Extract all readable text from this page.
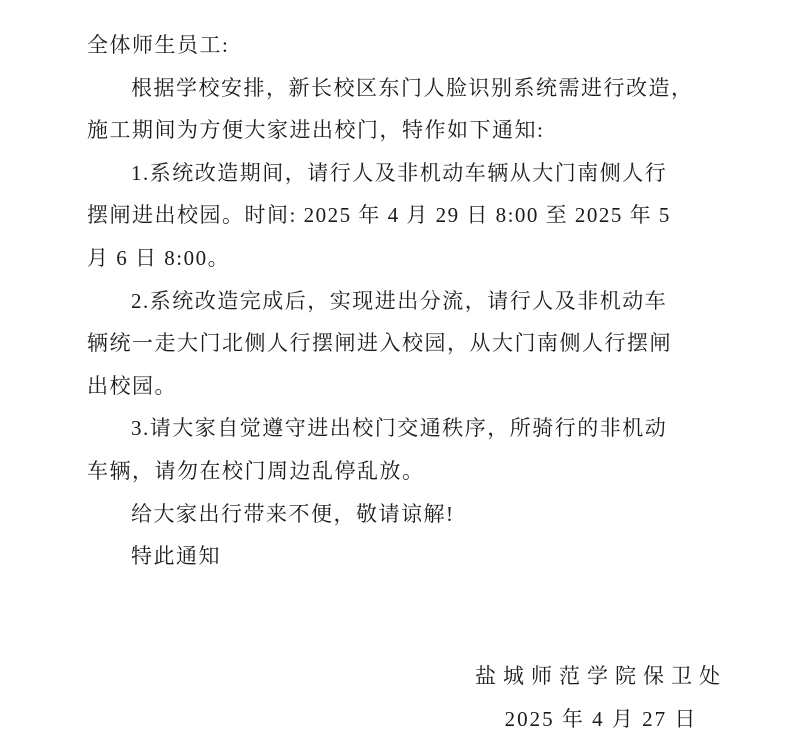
全体师生员工:
根据学校安排，新长校区东门人脸识别系统需进行改造，
施工期间为方便大家进出校门，特作如下通知:
1.系统改造期间，请行人及非机动车辆从大门南侧人行
摆闸进出校园。时间: 2025 年 4 月 29 日 8:00 至 2025 年 5
月 6 日 8:00。
2.系统改造完成后，实现进出分流，请行人及非机动车
辆统一走大门北侧人行摆闸进入校园，从大门南侧人行摆闸
出校园。
3.请大家自觉遵守进出校门交通秩序，所骑行的非机动
车辆，请勿在校门周边乱停乱放。
给大家出行带来不便，敬请谅解!
特此通知
盐城师范学院保卫处
2025 年 4 月 27 日
